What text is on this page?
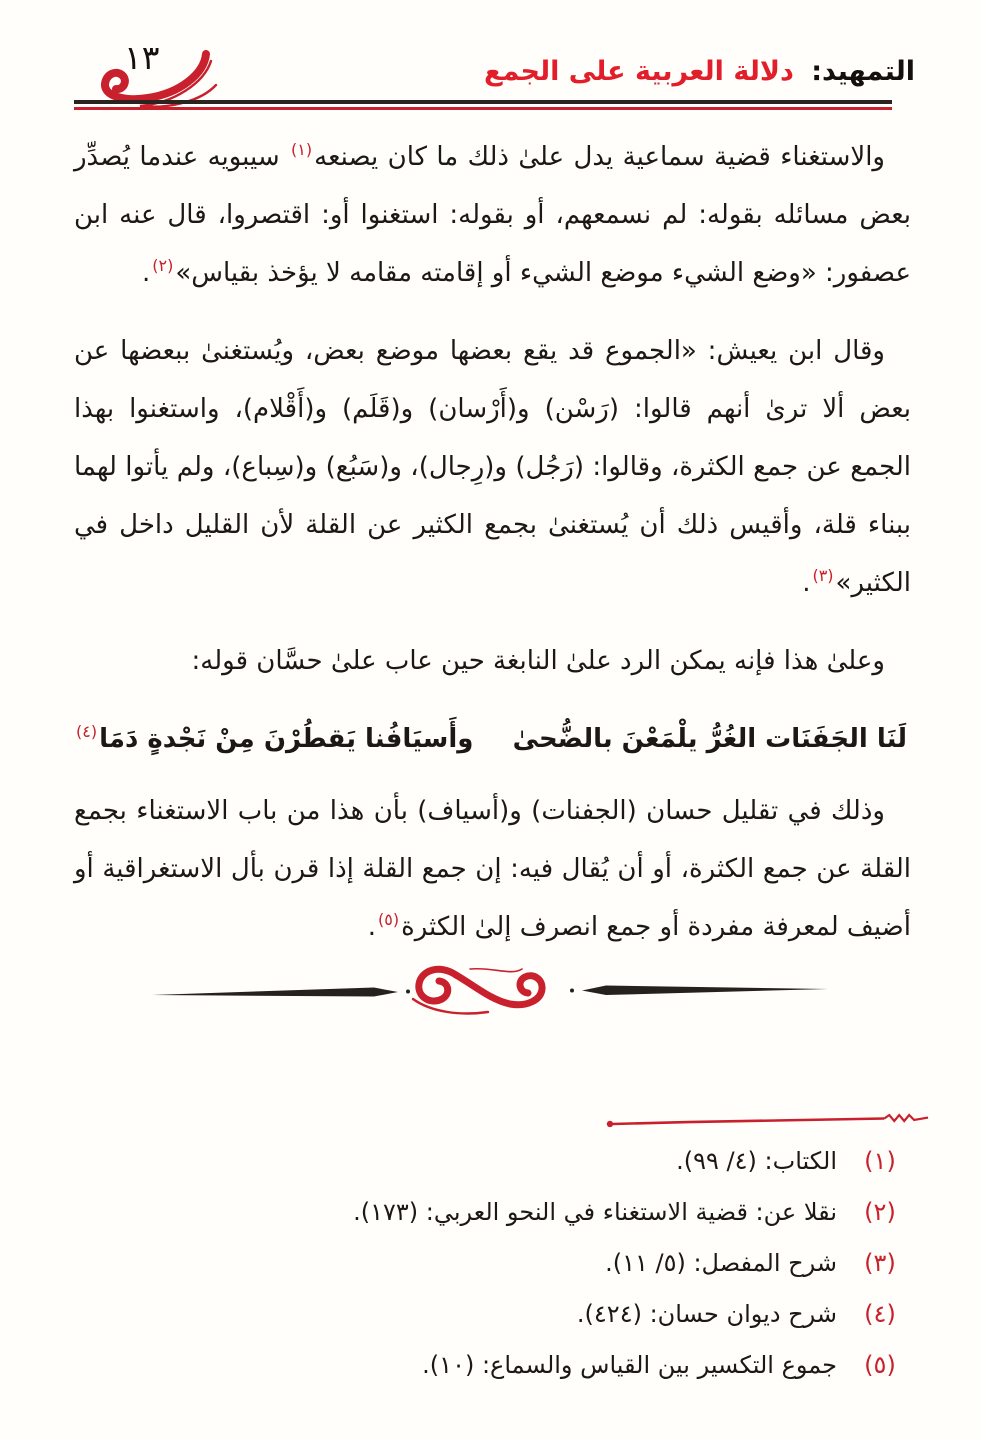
١٣	التمهيد: دلالة العربية على الجمع

والاستغناء قضية سماعية يدل علىٰ ذلك ما كان يصنعه$^{(١)}$ سيبويه عندما يُصدِّر بعض مسائله بقوله: لم نسمعهم، أو بقوله: استغنوا أو: اقتصروا، قال عنه ابن عصفور: «وضع الشيء موضع الشيء أو إقامته مقامه لا يؤخذ بقياس»$^{(٢)}$.

وقال ابن يعيش: «الجموع قد يقع بعضها موضع بعض، ويُستغنىٰ ببعضها عن بعض ألا ترىٰ أنهم قالوا: (رَسْن) و(أَرْسان) و(قَلَم) و(أَقْلام)، واستغنوا بهذا الجمع عن جمع الكثرة، وقالوا: (رَجُل) و(رِجال)، و(سَبُع) و(سِباع)، ولم يأتوا لهما ببناء قلة، وأقيس ذلك أن يُستغنىٰ بجمع الكثير عن القلة لأن القليل داخل في الكثير»$^{(٣)}$.

وعلىٰ هذا فإنه يمكن الرد علىٰ النابغة حين عاب علىٰ حسَّان قوله:

لَنَا الجَفَنَات الغُرُّ يلْمَعْنَ بالضُّحىٰ
وأَسيَافُنا يَقطُرْنَ مِنْ نَجْدةٍ دَمَا$^{(٤)}$

وذلك في تقليل حسان (الجفنات) و(أسياف) بأن هذا من باب الاستغناء بجمع القلة عن جمع الكثرة، أو أن يُقال فيه: إن جمع القلة إذا قرن بأل الاستغراقية أو أضيف لمعرفة مفردة أو جمع انصرف إلىٰ الكثرة$^{(٥)}$.

(١)
الكتاب: (٤/ ٩٩).
(٢)
نقلا عن: قضية الاستغناء في النحو العربي: (١٧٣).
(٣)
شرح المفصل: (٥/ ١١).
(٤)
شرح ديوان حسان: (٤٢٤).
(٥)
جموع التكسير بين القياس والسماع: (١٠).
